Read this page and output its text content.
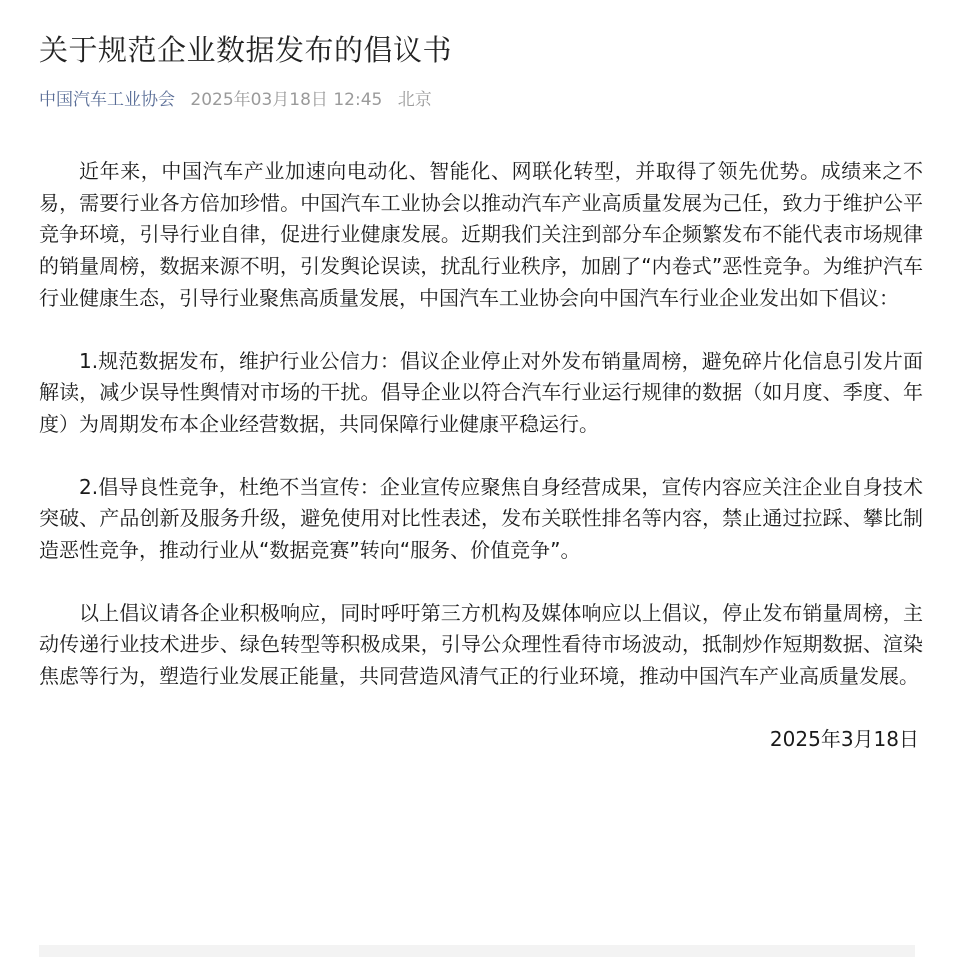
关于规范企业数据发布的倡议书
中国汽车工业协会 2025年03月18日 12:45 北京

近年来，中国汽车产业加速向电动化、智能化、网联化转型，并取得了领先优势。成绩来之不易，需要行业各方倍加珍惜。中国汽车工业协会以推动汽车产业高质量发展为己任，致力于维护公平竞争环境，引导行业自律，促进行业健康发展。近期我们关注到部分车企频繁发布不能代表市场规律的销量周榜，数据来源不明，引发舆论误读，扰乱行业秩序，加剧了“内卷式”恶性竞争。为维护汽车行业健康生态，引导行业聚焦高质量发展，中国汽车工业协会向中国汽车行业企业发出如下倡议：

1.规范数据发布，维护行业公信力：倡议企业停止对外发布销量周榜，避免碎片化信息引发片面解读，减少误导性舆情对市场的干扰。倡导企业以符合汽车行业运行规律的数据（如月度、季度、年度）为周期发布本企业经营数据，共同保障行业健康平稳运行。

2.倡导良性竞争，杜绝不当宣传：企业宣传应聚焦自身经营成果，宣传内容应关注企业自身技术突破、产品创新及服务升级，避免使用对比性表述，发布关联性排名等内容，禁止通过拉踩、攀比制造恶性竞争，推动行业从“数据竞赛”转向“服务、价值竞争”。

以上倡议请各企业积极响应，同时呼吁第三方机构及媒体响应以上倡议，停止发布销量周榜，主动传递行业技术进步、绿色转型等积极成果，引导公众理性看待市场波动，抵制炒作短期数据、渲染焦虑等行为，塑造行业发展正能量，共同营造风清气正的行业环境，推动中国汽车产业高质量发展。

2025年3月18日
